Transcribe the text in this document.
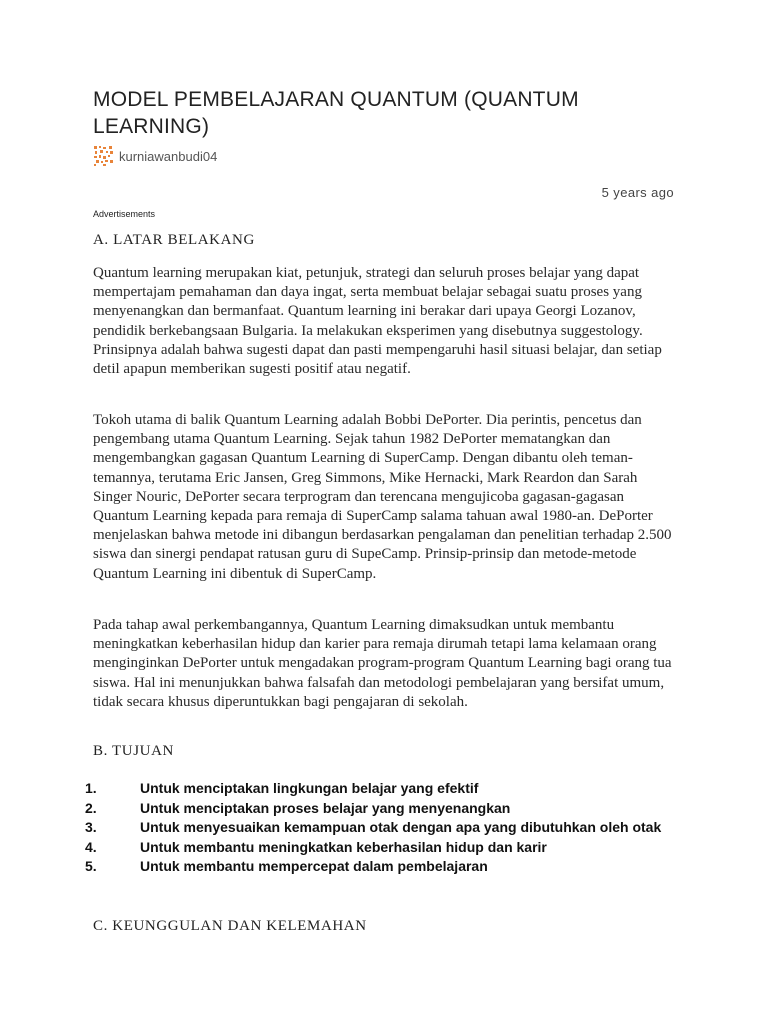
MODEL PEMBELAJARAN QUANTUM (QUANTUM LEARNING)
kurniawanbudi04
5 years ago
Advertisements
A. LATAR BELAKANG

Quantum learning merupakan kiat, petunjuk, strategi dan seluruh proses belajar yang dapat mempertajam pemahaman dan daya ingat, serta membuat belajar sebagai suatu proses yang menyenangkan dan bermanfaat. Quantum learning ini berakar dari upaya Georgi Lozanov, pendidik berkebangsaan Bulgaria. Ia melakukan eksperimen yang disebutnya suggestology. Prinsipnya adalah bahwa sugesti dapat dan pasti mempengaruhi hasil situasi belajar, dan setiap detil apapun memberikan sugesti positif atau negatif.

Tokoh utama di balik Quantum Learning adalah Bobbi DePorter. Dia perintis, pencetus dan pengembang utama Quantum Learning. Sejak tahun 1982 DePorter mematangkan dan mengembangkan gagasan Quantum Learning di SuperCamp. Dengan dibantu oleh teman-temannya, terutama Eric Jansen, Greg Simmons, Mike Hernacki, Mark Reardon dan Sarah Singer Nouric, DePorter secara terprogram dan terencana mengujicoba gagasan-gagasan Quantum Learning kepada para remaja di SuperCamp salama tahuan awal 1980-an. DePorter menjelaskan bahwa metode ini dibangun berdasarkan pengalaman dan penelitian terhadap 2.500 siswa dan sinergi pendapat ratusan guru di SupeCamp. Prinsip-prinsip dan metode-metode Quantum Learning ini dibentuk di SuperCamp.

Pada tahap awal perkembangannya, Quantum Learning dimaksudkan untuk membantu meningkatkan keberhasilan hidup dan karier para remaja dirumah tetapi lama kelamaan orang menginginkan DePorter untuk mengadakan program-program Quantum Learning bagi orang tua siswa. Hal ini menunjukkan bahwa falsafah dan metodologi pembelajaran yang bersifat umum, tidak secara khusus diperuntukkan bagi pengajaran di sekolah.

B. TUJUAN
1.	Untuk menciptakan lingkungan belajar yang efektif
2.	Untuk menciptakan proses belajar yang menyenangkan
3.	Untuk menyesuaikan kemampuan otak dengan apa yang dibutuhkan oleh otak
4.	Untuk membantu meningkatkan keberhasilan hidup dan karir
5.	Untuk membantu mempercepat dalam pembelajaran
C. KEUNGGULAN DAN KELEMAHAN
